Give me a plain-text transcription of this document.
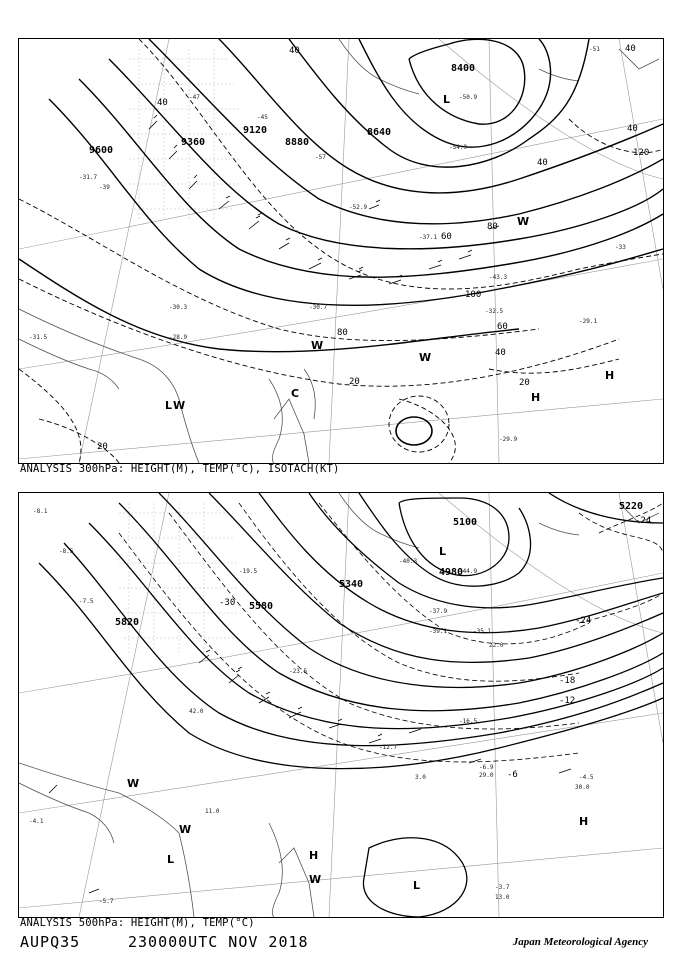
9600
9360
9120
8880
8640
8400
40
40
60
80
100
80
120
60
40
20	20
20
40
40
40
L W
W
W
L
H
H
C
W
-45
-47
-39
-54.9
-52.9
-50.9
-43.3
-37.1
-31.7
-30.3
-28.9
-32.5
-29.1
-30.7
-31.5
-29.9
-51
-33
-57
ANALYSIS 300hPa: HEIGHT(M), TEMP(°C), ISOTACH(KT)
5820
5580
5340
5100
5220
4980
-24
-24
-18
-12
-6
-30
W
W
L	H
W	L
H
L
-8.5
-8.1
-7.5
-19.5
-23.5
-35.1
-37.9
-40.3
-44.9
-39.1
-16.5
-12.7
-6.9
-4.5
-3.7
-5.7
-4.1
13.0
30.0
29.0
3.0
11.0
22.0
42.0
ANALYSIS 500hPa: HEIGHT(M), TEMP(°C)
AUPQ35	230000UTC NOV 2018	Japan Meteorological Agency
